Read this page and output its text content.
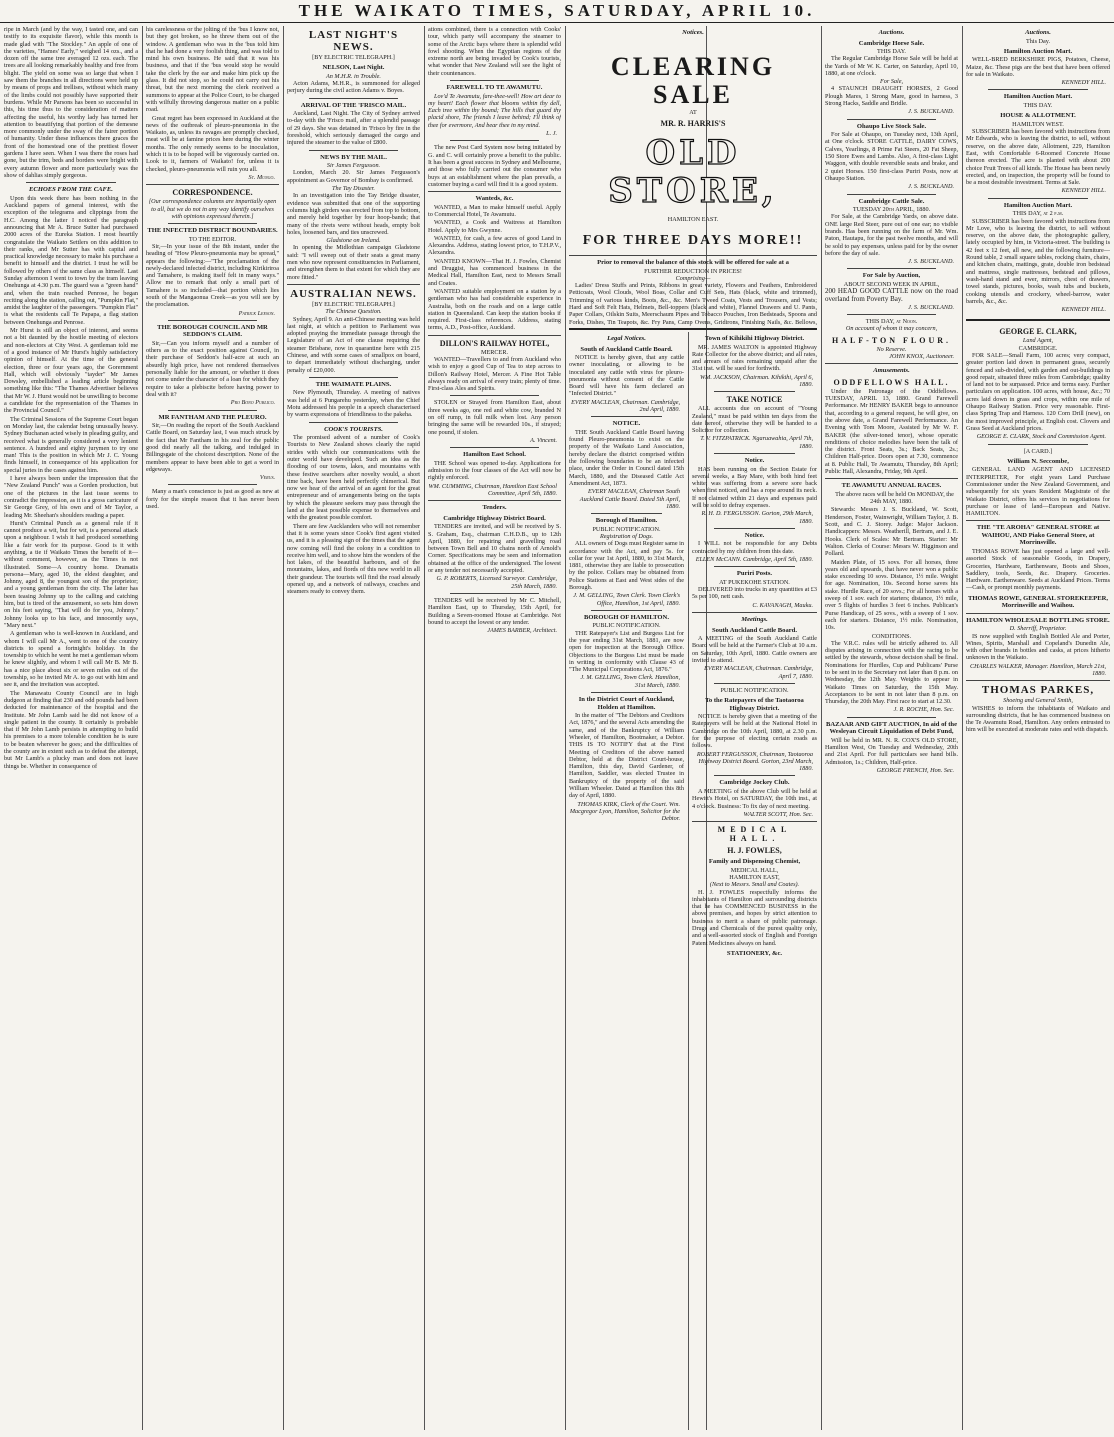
THE WAIKATO TIMES, SATURDAY, APRIL 10.

ripe in March (and by the way, I tasted one, and can testify to its exquisite flavor), while this month is made glad with "The Stockley." An apple of one of the varieties, "Hames' Early," weighed 14 ozs., and a dozen off the same tree averaged 12 ozs. each. The trees are all looking remarkably healthy and free from blight. The yield on some was so large that when I saw them the branches in all directions were held up by means of props and trellises, without which many of the limbs could not possibly have supported their burdens. While Mr Parsons has been so successful in this, his time thus to the consideration of matters affecting the useful, his worthy lady has turned her attention to beautifying that portion of the demesne more commonly under the sway of the fairer portion of humanity. Under these influences there graces the front of the homestead one of the prettiest flower gardens I have seen. When I was there the roses had gone, but the trim, beds and borders were bright with every autumn flower and more particularly was the show of dahlias simply gorgeous.

ECHOES FROM THE CAFE.

Upon this week there has been nothing in the Auckland papers of general interest, with the exception of the telegrams and clippings from the H.C. Among the latter I noticed the paragraph announcing that Mr A. Bruce Sutter had purchased 2000 acres of the Eureka Station. I most heartily congratulate the Waikato Settlers on this addition to their ranks, and Mr Sutter has with capital and practical knowledge necessary to make his purchase a benefit to himself and the district. I trust he will be followed by others of the same class as himself. Last Sunday afternoon I went to town by the tram leaving Onehunga at 4.30 p.m. The guard was a "green hand" and, when the train reached Penrose, he began reciting along the station, calling out, "Pumpkin Flat," amidst the laughter of the passengers. "Pumpkin Flat" is what the residents call Te Papapa, a flag station between Onehunga and Penrose.

Mr Hurst is still an object of interest, and seems not a bit daunted by the hostile meeting of electors and non-electors at City West. A gentleman told me of a good instance of Mr Hurst's highly satisfactory opinion of himself. At the time of the general election, three or four years ago, the Gorernment Hall, which will obviously "tayder" Mr James Dowsley, embellished a leading article beginning something like this: "The Thames Advertiser believes that Mr W. J. Hurst would not be unwilling to become a candidate for the representation of the Thames in the Provincial Council."

The Criminal Sessions of the Supreme Court began on Monday last, the calendar being unusually heavy. Sydney Buchanan acted wisely in pleading guilty, and received what is generally considered a very lenient sentence. A hundred and eighty jurymen to try one man! This is the position in which Mr J. C. Young finds himself, in consequence of his application for special juries in the cases against him.

I have always been under the impression that the "New Zealand Punch" was a Gorden production, but one of the pictures in the last issue seems to contradict the impression, as it is a gross caricature of Sir George Grey, of his own and of Mr Taylor, a leading Mr. Sheehan's shoulders reading a paper.

Hurst's Criminal Punch as a general rule if it cannot produce a wit, but for wit, is a personal attack upon a neighbour. I wish it had produced something like a fair work for its purpose. Good is it with anything, a tie if Waikato Times the benefit of it—without comment, however, as the Times is not illustrated. Some—A country home. Dramatis persona—Mary, aged 10, the eldest daughter, and Johnny, aged 8, the youngest son of the proprietor; and a young gentleman from the city. The latter has been teasing Johnny up to the calling and catching him, but is tired of the amusement, so sets him down on his feet saying, "That will do for you, Johnny." Johnny looks up to his face, and innocently says, "Mary next."

A gentleman who is well-known in Auckland, and whom I will call Mr A., went to one of the country districts to spend a fortnight's holiday. In the township to which he went he met a gentleman whom he knew slightly, and whom I will call Mr B. Mr B. has a nice place about six or seven miles out of the township, so he invited Mr A. to go out with him and see it, and the invitation was accepted.

The Manawatu County Council are in high dudgeon at finding that 230 and odd pounds had been deducted for maintenance of the hospital and the Institute. Mr John Lamb said he did not know of a single patient in the county. It certainly is probable that if Mr John Lamb persists in attempting to build his premises to a more tolerable condition he is sure to be beaten wherever he goes; and the difficulties of the county are in extent such as to defeat the attempt, but Mr Lamb's a plucky man and does not leave things be. Whether in consequence of

his carelessness or the jolting of the 'bus I know not, but they got broken, so he threw them out of the window. A gentleman who was in the 'bus told him that he had done a very foolish thing, and was told to mind his own business. He said that it was his business, and that if the 'bus would stop he would take the clerk by the ear and make him pick up the glass. It did not stop, so he could not carry out his threat, but the next morning the clerk received a summons to appear at the Police Court, to be charged with wilfully throwing dangerous matter on a public road.

Great regret has been expressed in Auckland at the news of the outbreak of pleuro-pneumonia in the Waikato, as, unless its ravages are promptly checked, meat will be at famine prices here during the winter months. The only remedy seems to be inoculation, which it is to be hoped will be vigorously carried on. Look to it, farmers of Waikato! for, unless it is checked, pleuro-pneumonia will ruin you all.

St. Mungo.
CORRESPONDENCE.
[Our correspondence columns are impartially open to all, but we do not in any way identify ourselves with opinions expressed therein.]
THE INFECTED DISTRICT BOUNDARIES.
TO THE EDITOR.

Sir,—In your issue of the 8th instant, under the heading of "How Pleuro-pneumonia may be spread," appears the following:—"The proclamation of the newly-declared infected district, including Kirikiriroa and Tamahere, is making itself felt in many ways." Allow me to remark that only a small part of Tamahere is so included—that portion which lies south of the Mangaonua Creek—as you will see by the proclamation.

Patrick Leeson.
THE BOROUGH COUNCIL AND MR SEDDON'S CLAIM.

Sir,—Can you inform myself and a number of others as to the exact position against Council, in their purchase of Seddon's half-acre at such an absurdly high price, have not rendered themselves personally liable for the amount, or whether it does not come under the character of a loan for which they require to take a plebiscite before having power to deal with it?

Pro Bono Publico.
MR FANTHAM AND THE PLEURO.

Sir,—On reading the report of the South Auckland Cattle Board, on Saturday last, I was much struck by the fact that Mr Fantham in his zeal for the public good did nearly all the talking, and indulged in Billingsgate of the choicest description. None of the members appear to have been able to get a word in edgeways.

Verus.

Many a man's conscience is just as good as new at forty for the simple reason that it has never been used.

LAST NIGHT'S NEWS.
[BY ELECTRIC TELEGRAPH.]
NELSON, Last Night.
An M.H.R. in Trouble.

Acton Adams, M.H.R., is summoned for alleged perjury during the civil action Adams v. Boyes.

ARRIVAL OF THE 'FRISCO MAIL.

Auckland, Last Night. The City of Sydney arrived to-day with the 'Frisco mail, after a splendid passage of 29 days. She was detained in 'Frisco by fire in the foreshold, which seriously damaged the cargo and injured the steamer to the value of £800.

NEWS BY THE MAIL.
Sir James Fergusson.

London, March 20. Sir James Fergusson's appointment as Governor of Bombay is confirmed.

The Tay Disaster.

In an investigation into the Tay Bridge disaster, evidence was submitted that one of the supporting columns high girders was erected from top to bottom, and merely held together by four hoop-bands; that many of the rivets were without heads, empty bolt holes, loosened bars, and ties unscrewed.

Gladstone on Ireland.

In opening the Midlothian campaign Gladstone said: "I will sweep out of their seats a great many men who now represent constituencies in Parliament, and strengthen them to that extent for which they are more fitted."

AUSTRALIAN NEWS.
[BY ELECTRIC TELEGRAPH.]
The Chinese Question.

Sydney, April 9. An anti-Chinese meeting was held last night, at which a petition to Parliament was adopted praying the immediate passage through the Legislature of an Act of one clause requiring the steamer Brisbane, now in quarantine here with 215 Chinese, and with some cases of smallpox on board, to depart immediately without discharging, under penalty of £20,000.

THE WAIMATE PLAINS.

New Plymouth, Thursday. A meeting of natives was held at 6 Pungarehu yesterday, when the Chief Motu addressed his people in a speech characterised by warm expressions of friendliness to the pakeha.

COOK'S TOURISTS.

The promised advent of a number of Cook's Tourists to New Zealand shows clearly the rapid strides with which our communications with the outer world have developed. Such an idea as the flooding of our towns, lakes, and mountains with these festive searchers after novelty would, a short time back, have been held perfectly chimerical. But now we hear of the arrival of an agent for the great entrepreneur and of arrangements being on the tapis by which the pleasure seekers may pass through the land at the least possible expense to themselves and with the greatest possible comfort.

There are few Aucklanders who will not remember that it is some years since Cook's first agent visited us, and it is a pleasing sign of the times that the agent now coming will find the colony in a condition to receive him well, and to show him the wonders of the hot lakes, of the beautiful harbours, and of the mountains, lakes, and fiords of this new world in all their grandeur. The tourists will find the road already opened up, and a network of railways, coaches and steamers ready to convey them.

ations combined, there is a connection with Cooks' tour, which party will accompany the steamer to some of the Arctic bays where there is splendid wild fowl shooting. When the Egyptian regions of the extreme north are being invaded by Cook's tourists, what wonder that New Zealand will see the light of their countenances.

FAREWELL TO TE AWAMUTU.

Lov'd Te Awamutu, fare-thee-well! How art dear to my heart! Each flower that blooms within thy dell, Each tree within thy bound; The hills that guard thy placid shore, The friends I leave behind; I'll think of thee for evermore, And bear thee in my mind.

L. J.

The new Post Card System now being initiated by G. and C. will certainly prove a benefit to the public. It has been a great success in Sydney and Melbourne, and those who fully carried out the consumer who buys at an establishment where the plan prevails, a customer buying a card will find it is a good system.

Wanteds, &c.

WANTED, a Man to make himself useful. Apply to Commercial Hotel, Te Awamutu.

WANTED, a Cook and Waitress at Hamilton Hotel. Apply to Mrs Gwynne.

WANTED, for cash, a few acres of good Land in Alexandra. Address, stating lowest price, to T.H.P.V., Alexandra.

WANTED KNOWN—That H. J. Fowles, Chemist and Druggist, has commenced business in the Medical Hall, Hamilton East, next to Messrs Small and Coates.

WANTED suitable employment on a station by a gentleman who has had considerable experience in Australia, both on the roads and on a large cattle station in Queensland. Can keep the station books if required. First-class references. Address, stating terms, A.D., Post-office, Auckland.

DILLON'S RAILWAY HOTEL,
MERCER.

WANTED—Travellers to and from Auckland who wish to enjoy a good Cup of Tea to step across to Dillon's Railway Hotel, Mercer. A Fine Hot Table always ready on arrival of every train; plenty of time. First-class Ales and Spirits.

STOLEN or Strayed from Hamilton East, about three weeks ago, one red and white cow, branded N on off rump, in full milk when lost. Any person bringing the same will be rewarded 10s., if strayed; one pound, if stolen.

A. Vincent.
Hamilton East School.

THE School was opened to-day. Applications for admission to the four classes of the Act will now be rightly enforced.

WM. CUMMING, Chairman, Hamilton East School Committee, April 5th, 1880.
Tenders.
Cambridge Highway District Board.

TENDERS are invited, and will be received by S. S. Graham, Esq., chairman C.H.D.B., up to 12th April, 1880, for repairing and gravelling road between Town Bell and 10 chains north of Arnold's Corner. Specifications may be seen and information obtained at the office of the undersigned. The lowest or any tender not necessarily accepted.

G. P. ROBERTS, Licensed Surveyor. Cambridge, 25th March, 1880.

TENDERS will be received by Mr C. Mitchell, Hamilton East, up to Thursday, 15th April, for Building a Seven-roomed House at Cambridge. Not bound to accept the lowest or any tender.

JAMES BARBER, Architect.
Notices.
CLEARING SALE
AT
MR. R. HARRIS'S
OLD STORE,
HAMILTON EAST.
FOR THREE DAYS MORE!!
Prior to removal the balance of this stock will be offered for sale at a
FURTHER REDUCTION IN PRICES!
Comprising—

Ladies' Dress Stuffs and Prints, Ribbons in great variety, Flowers and Feathers, Embroidered Petticoats, Wool Clouds, Wool Boas, Collar and Cuff Sets, Hats (black, white and trimmed), Trimming of various kinds, Boots, &c., &c. Men's Tweed Coats, Vests and Trousers, and Vests; Hard and Soft Felt Hats, Helmets, Bell-toppers (black and white), Flannel Drawers and U. Pants, Paper Collars, Oilskin Suits, Meerschaum Pipes and Tobacco Pouches, Iron Bedsteads, Spoons and Forks, Dishes, Tin Teapots, &c. Fry Pans, Camp Ovens, Gridirons, Finishing Nails, &c. Bellows,

Legal Notices.
South of Auckland Cattle Board.

NOTICE is hereby given, that any cattle owner inoculating, or allowing to be inoculated any cattle with virus for pleuro-pneumonia without consent of the Cattle Board will have his farm declared an "Infected District."

EVERY MACLEAN, Chairman. Cambridge, 2nd April, 1880.
NOTICE.

THE South Auckland Cattle Board having found Pleuro-pneumonia to exist on the property of the Waikato Land Association, hereby declare the district comprised within the following boundaries to be an infected place, under the Order in Council dated 15th March, 1880, and the Diseased Cattle Act Amendment Act, 1873.

EVERY MACLEAN, Chairman South Auckland Cattle Board. Dated 5th April, 1880.
Borough of Hamilton.
PUBLIC NOTIFICATION.
Registration of Dogs.

ALL owners of Dogs must Register same in accordance with the Act, and pay 5s. for collar for year 1st April, 1880, to 31st March, 1881, otherwise they are liable to prosecution by the police. Collars may be obtained from Police Stations at East and West sides of the Borough.

J. M. GELLING, Town Clerk. Town Clerk's Office, Hamilton, 1st April, 1880.
BOROUGH OF HAMILTON.
PUBLIC NOTIFICATION.

THE Ratepayer's List and Burgess List for the year ending 31st March, 1881, are now open for inspection at the Borough Office. Objections to the Burgess List must be made in writing in conformity with Clause 43 of "The Municipal Corporations Act, 1876."

J. M. GELLING, Town Clerk. Hamilton, 31st March, 1880.
In the District Court of Auckland, Holden at Hamilton.

In the matter of "The Debtors and Creditors Act, 1876," and the several Acts amending the same, and of the Bankruptcy of William Wheeler, of Hamilton, Bootmaker, a Debtor. THIS IS TO NOTIFY that at the First Meeting of Creditors of the above named Debtor, held at the District Court-house, Hamilton, this day, David Gardener, of Hamilton, Saddler, was elected Trustee in Bankruptcy of the property of the said William Wheeler. Dated at Hamilton this 8th day of April, 1880.

THOMAS KIRK, Clerk of the Court. Wm. Macgregor Lyon, Hamilton, Solicitor for the Debtor.
Town of Kihikihi Highway District.

MR. JAMES WALTON is appointed Highway Rate Collector for the above district; and all rates, and arrears of rates remaining unpaid after the 31st inst. will be sued for forthwith.

WM. JACKSON, Chairman. Kihikihi, April 6, 1880.
TAKE NOTICE

ALL accounts due on account of "Young Zealand," must be paid within ten days from the date hereof, otherwise they will be handed to a Solicitor for collection.

T. V. FITZPATRICK. Ngaruawahia, April 7th, 1880.
Notice.

HAS been running on the Section Estate for several weeks, a Bay Mare, with both hind feet white; was suffering from a severe sore back when first noticed, and has a rope around its neck. If not claimed within 21 days and expenses paid will be sold to defray expenses.

R. H. D. FERGUSSON. Gorton, 29th March, 1880.
Notice.

I WILL not be responsible for any Debts contracted by my children from this date.

ELLEN McCANN. Cambridge, April 5th, 1880.
Puriri Posts.
AT PUKEKOHE STATION.

DELIVERED into trucks in any quantities at £3 5s per 100, nett cash.

C. KAVANAGH, Mauku.
Meetings.
South Auckland Cattle Board.

A MEETING of the South Auckland Cattle Board will be held at the Farmer's Club at 10 a.m. on Saturday, 10th April, 1880. Cattle owners are invited to attend.

EVERY MACLEAN, Chairman. Cambridge, April 7, 1880.
PUBLIC NOTIFICATION.
To the Ratepayers of the Taotaoroa Highway District.

NOTICE is hereby given that a meeting of the Ratepayers will be held at the National Hotel in Cambridge on the 10th April, 1880, at 2.30 p.m. for the purpose of electing certain roads as follows.

ROBERT FERGUSSON, Chairman, Taotaoroa Highway District Board. Gorton, 23rd March, 1880.
Cambridge Jockey Club.

A MEETING of the above Club will be held at Hewitt's Hotel, on SATURDAY, the 10th inst., at 4 o'clock. Business: To fix day of next meeting.

WALTER SCOTT, Hon. Sec.
MEDICAL HALL.
H. J. FOWLES,
Family and Dispensing Chemist,
MEDICAL HALL,
HAMILTON EAST,
(Next to Messrs. Small and Coates).

H. J. FOWLES respectfully informs the inhabitants of Hamilton and surrounding districts that he has COMMENCED BUSINESS in the above premises, and hopes by strict attention to business to merit a share of public patronage. Drugs and Chemicals of the purest quality only, and a well-assorted stock of English and Foreign Patent Medicines always on hand.

STATIONERY, &c.
Auctions.
Cambridge Horse Sale.
THIS DAY.

The Regular Cambridge Horse Sale will be held at the Yards of Mr W. K. Carter, on Saturday, April 10, 1880, at one o'clock.

For Sale,

4 STAUNCH DRAUGHT HORSES, 2 Good Plough Mares, 1 Strong Mare, good in harness, 3 Strong Hacks, Saddle and Bridle.

J. S. BUCKLAND.
Ohaupo Live Stock Sale.

For Sale at Ohaupo, on Tuesday next, 13th April, at One o'clock. STORE CATTLE, DAIRY COWS, Calves, Yearlings, 8 Prime Fat Steers, 20 Fat Sheep, 150 Store Ewes and Lambs. Also, A first-class Light Waggon, with double reversible seats and brake, and 2 quiet Horses. 150 first-class Puriri Posts, now at Ohaupo Station.

J. S. BUCKLAND.
Cambridge Cattle Sale.
TUESDAY 20th APRIL, 1880.

For Sale, at the Cambridge Yards, on above date. ONE large Red Steer, pure out of one ear; no visible brands. Has been running on the farm of Mr. Wm. Paton, Hautapu, for the past twelve months, and will be sold to pay expenses, unless paid for by the owner before the day of sale.

J. S. BUCKLAND.
For Sale by Auction,
ABOUT SECOND WEEK IN APRIL,

200 HEAD GOOD CATTLE now on the road overland from Poverty Bay.

J. S. BUCKLAND.
THIS DAY, at Noon.
On account of whom it may concern,
HALF-TON FLOUR.
No Reserve.
JOHN KNOX, Auctioneer.
Amusements.
ODDFELLOWS HALL.

Under the Patronage of the Oddfellows. TUESDAY, APRIL 13, 1880. Grand Farewell Performance. Mr HENRY BAKER begs to announce that, according to a general request, he will give, on the above date, a Grand Farewell Performance. An Evening with Tom Moore, Assisted by Mr W. F. BAKER (the silver-toned tenor), whose operatic renditions of choice melodies have been the talk of the district. Front Seats, 3s.; Back Seats, 2s.; Children Half-price. Doors open at 7.30, commence at 8. Public Hall, Te Awamutu, Thursday, 8th April; Public Hall, Alexandra, Friday, 9th April.

TE AWAMUTU ANNUAL RACES.

The above races will be held On MONDAY, the 24th MAY, 1880.

Stewards: Messrs J. S. Buckland, W. Scott, Henderson, Foster, Wainwright, William Taylor, J. B. Scott, and C. J. Storey. Judge: Major Jackson. Handicappers: Messrs. Weatherill, Bertram, and J. E. Hooks. Clerk of Scales: Mr Bertram. Starter: Mr Walton. Clerks of Course: Messrs W. Higginson and Pollard.

Maiden Plate, of 15 sovs. For all horses, three years old and upwards, that have never won a public stake exceeding 10 sovs. Distance, 1½ mile. Weight for age. Nomination, 10s. Second horse saves his stake. Hurdle Race, of 20 sovs.; For all horses with a sweep of 1 sov. each for starters; distance, 1½ mile, over 5 flights of hurdles 3 feet 6 inches. Publican's Purse Handicap, of 25 sovs., with a sweep of 1 sov. each for starters. Distance, 1½ mile. Nomination, 10s.

CONDITIONS.

The V.R.C. rules will be strictly adhered to. All disputes arising in connection with the racing to be settled by the stewards, whose decision shall be final. Nominations for Hurdles, Cup and Publicans' Purse to be sent in to the Secretary not later than 8 p.m. on Wednesday, the 12th May. Weights to appear in Waikato Times on Saturday, the 15th May. Acceptances to be sent in not later than 8 p.m. on Thursday, the 20th May. First race to start at 12.30.

J. R. ROCHE, Hon. Sec.
BAZAAR AND GIFT AUCTION, In aid of the Wesleyan Circuit Liquidation of Debt Fund,

Will be held in MR. N. R. COX'S OLD STORE, Hamilton West, On Tuesday and Wednesday, 20th and 21st April. For full particulars see hand bills. Admission, 1s.; Children, Half-price.

GEORGE FRENCH, Hon. Sec.
Auctions.
This Day.
Hamilton Auction Mart.

WELL-BRED BERKSHIRE PIGS, Potatoes, Cheese, Maize, &c. These pigs are the best that have been offered for sale in Waikato.

KENNEDY HILL.
Hamilton Auction Mart.
THIS DAY.
HOUSE & ALLOTMENT.
HAMILTON WEST.

SUBSCRIBER has been favored with instructions from Mr Edwards, who is leaving the district, to sell, without reserve, on the above date, Allotment, 229, Hamilton East, with Comfortable 6-Roomed Concrete House thereon erected. The acre is planted with about 200 choice Fruit Trees of all kinds. The House has been newly erected, and, on inspection, the property will be found to be a most desirable investment. Terms at Sale.

KENNEDY HILL.
Hamilton Auction Mart.
THIS DAY, at 2 p.m.

SUBSCRIBER has been favored with instructions from Mr Love, who is leaving the district, to sell without reserve, on the above date, the photographic gallery, lately occupied by him, in Victoria-street. The building is 42 feet x 12 feet, all new, and the following furniture—Round table, 2 small square tables, rocking chairs, chairs, and kitchen chairs, mattings, grate, double iron bedstead and mattress, single mattresses, bedstead and pillows, wash-hand stand and ewer, mirrors, chest of drawers, towel stands, pictures, books, wash tubs and buckets, cooking utensils and crockery, wheel-barrow, water barrels, &c., &c.

KENNEDY HILL.
GEORGE E. CLARK,
Land Agent,
CAMBRIDGE.

FOR SALE—Small Farm, 100 acres; very compact, greater portion laid down in permanent grass, securely fenced and sub-divided, with garden and out-buildings in good repair, situated three miles from Cambridge; quality of land not to be surpassed. Price and terms easy. Further particulars on application. 100 acres, with house, &c.; 70 acres laid down in grass and crops, within one mile of Ohaupo Railway Station. Price very reasonable. First-class Spring Trap and Harness. 120 Corn Drill (new), on the most improved principle, at English cost. Clovers and Grass Seed at Auckland prices.

GEORGE E. CLARK, Stock and Commission Agent.
[A CARD.]
William N. Seccombe,

GENERAL LAND AGENT AND LICENSED INTERPRETER, For eight years Land Purchase Commissioner under the New Zealand Government, and subsequently for six years Resident Magistrate of the Waikato District, offers his services in negotiations for purchase or lease of land—European and Native. HAMILTON.

THE "TE AROHA" GENERAL STORE at WAIHOU, AND Piako General Store, at Morrinsville.

THOMAS ROWE has just opened a large and well-assorted Stock of seasonable Goods, in Drapery, Groceries, Hardware, Earthenware, Boots and Shoes, Saddlery, tools, Seeds, &c. Drapery. Groceries. Hardware. Earthenware. Seeds at Auckland Prices. Terms—Cash, or prompt monthly payments.

THOMAS ROWE, GENERAL STOREKEEPER, Morrinsville and Waihou.
HAMILTON WHOLESALE BOTTLING STORE.
D. Sherriff, Proprietor.

IS now supplied with English Bottled Ale and Porter, Wines, Spirits, Marshall and Copeland's Dunedin Ale, with other brands in bottles and casks, at prices hitherto unknown in the Waikato.

CHARLES WALKER, Manager. Hamilton, March 21st, 1880.
THOMAS PARKES,
Shoeing and General Smith,

WISHES to inform the inhabitants of Waikato and surrounding districts, that he has commenced business on the Te Awamutu Road, Hamilton. Any orders entrusted to him will be executed at moderate rates and with dispatch.
